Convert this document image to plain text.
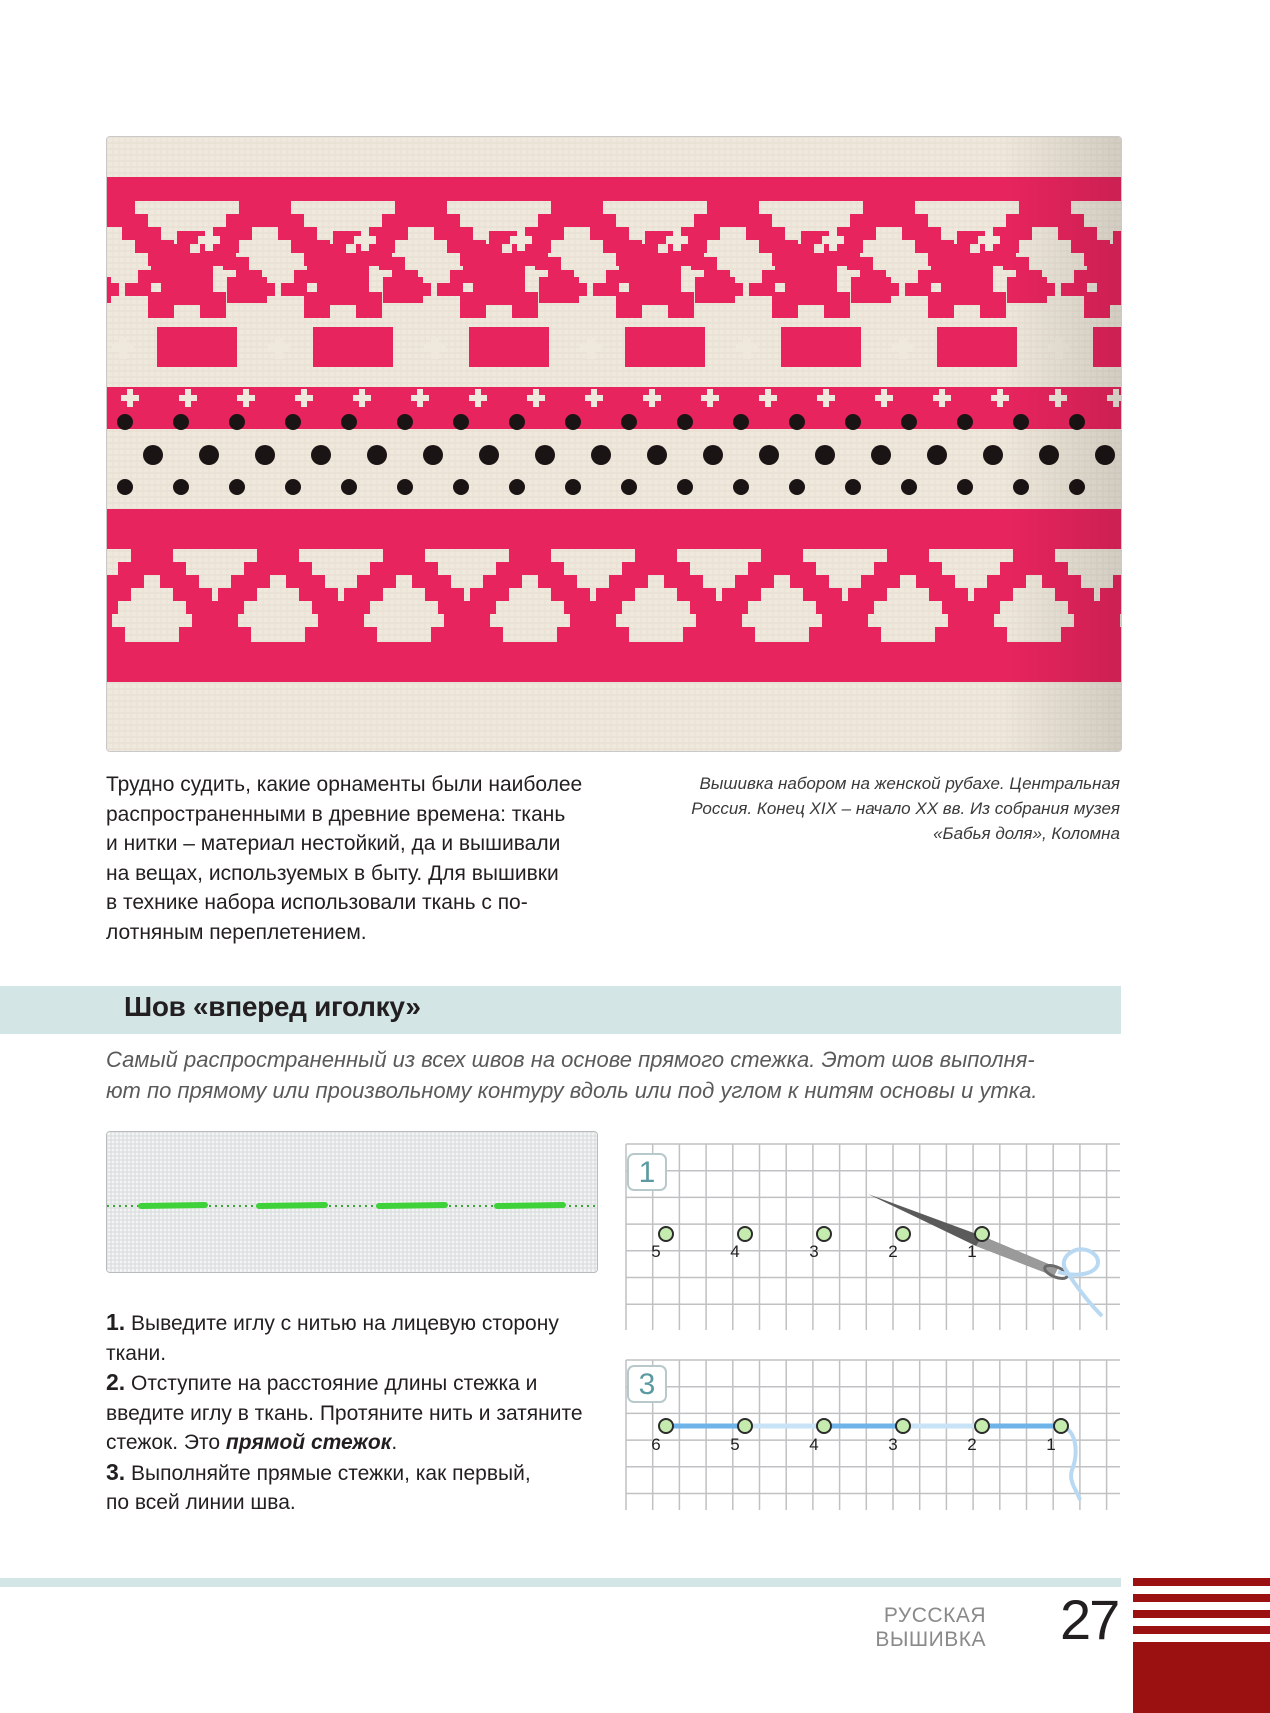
Трудно судить, какие орнаменты были наиболее
распространенными в древние времена: ткань
и нитки – материал нестойкий, да и вышивали
на вещах, используемых в быту. Для вышивки
в технике набора использовали ткань с по-
лотняным переплетением.
Вышивка набором на женской рубахе. Центральная
Россия. Конец XIX – начало XX вв. Из собрания музея
«Бабья доля», Коломна
Шов «вперед иголку»
Самый распространенный из всех швов на основе прямого стежка. Этот шов выполня-
ют по прямому или произвольному контуру вдоль или под углом к нитям основы и утка.
1. Выведите иглу с нитью на лицевую сторону
ткани.
2. Отступите на расстояние длины стежка и
введите иглу в ткань. Протяните нить и затяните
стежок. Это прямой стежок.
3. Выполняйте прямые стежки, как первый,
по всей линии шва.
5	4	3	2	1
1
6	5	4	3	2	1
3
РУССКАЯ ВЫШИВКА 27
